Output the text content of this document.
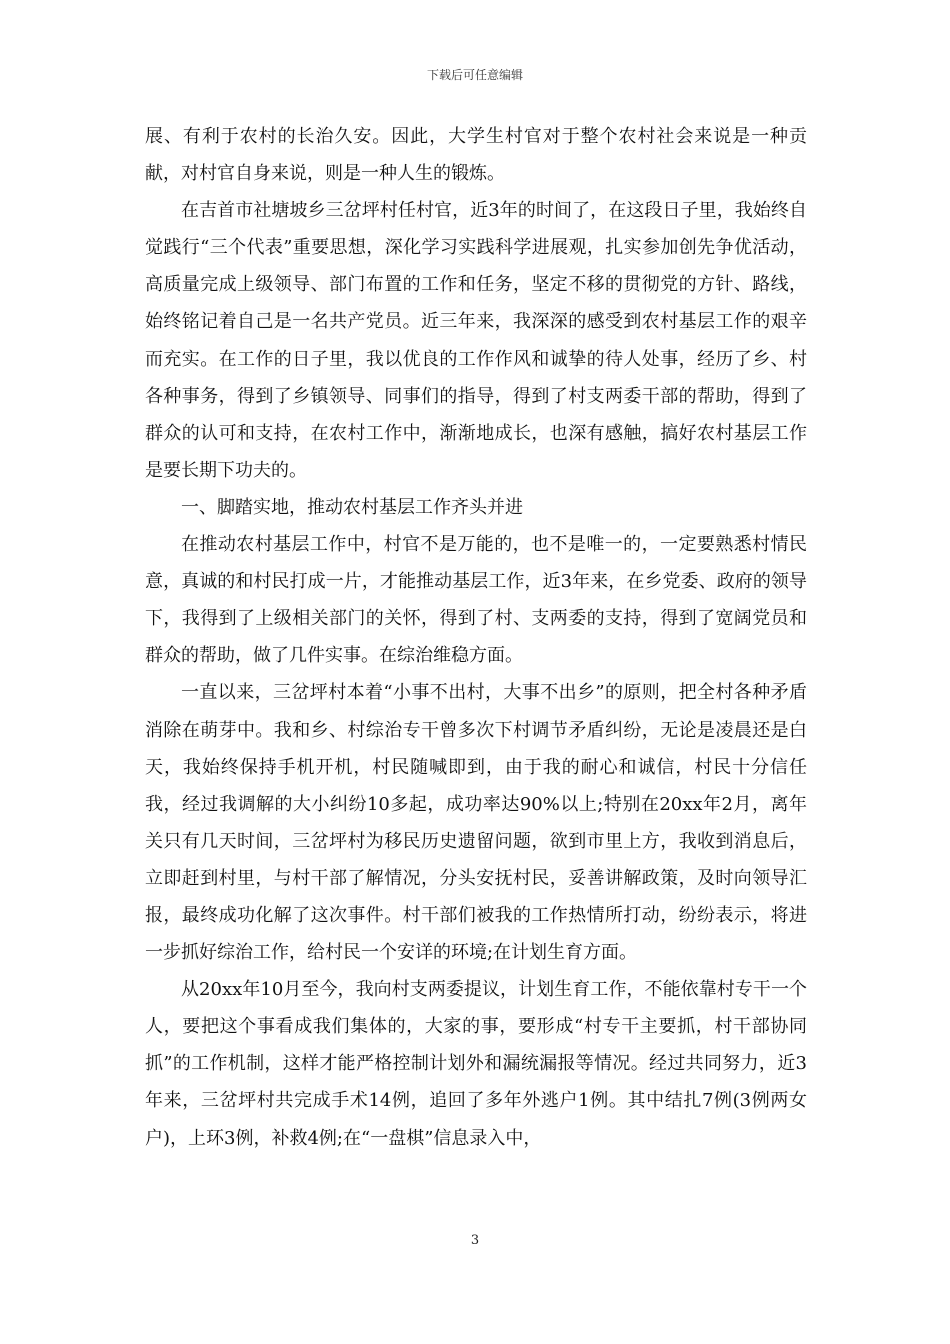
下载后可任意编辑

展、有利于农村的长治久安。因此，大学生村官对于整个农村社会来说是一种贡献，对村官自身来说，则是一种人生的锻炼。

在吉首市社塘坡乡三岔坪村任村官，近3年的时间了，在这段日子里，我始终自觉践行“三个代表”重要思想，深化学习实践科学进展观，扎实参加创先争优活动，高质量完成上级领导、部门布置的工作和任务，坚定不移的贯彻党的方针、路线，始终铭记着自己是一名共产党员。近三年来，我深深的感受到农村基层工作的艰辛而充实。在工作的日子里，我以优良的工作作风和诚挚的待人处事，经历了乡、村各种事务，得到了乡镇领导、同事们的指导，得到了村支两委干部的帮助，得到了群众的认可和支持，在农村工作中，渐渐地成长，也深有感触，搞好农村基层工作是要长期下功夫的。

一、脚踏实地，推动农村基层工作齐头并进

在推动农村基层工作中，村官不是万能的，也不是唯一的，一定要熟悉村情民意，真诚的和村民打成一片，才能推动基层工作，近3年来，在乡党委、政府的领导下，我得到了上级相关部门的关怀，得到了村、支两委的支持，得到了宽阔党员和群众的帮助，做了几件实事。在综治维稳方面。

一直以来，三岔坪村本着“小事不出村，大事不出乡”的原则，把全村各种矛盾消除在萌芽中。我和乡、村综治专干曾多次下村调节矛盾纠纷，无论是凌晨还是白天，我始终保持手机开机，村民随喊即到，由于我的耐心和诚信，村民十分信任我，经过我调解的大小纠纷10多起，成功率达90%以上;特别在20xx年2月，离年关只有几天时间，三岔坪村为移民历史遗留问题，欲到市里上方，我收到消息后，立即赶到村里，与村干部了解情况，分头安抚村民，妥善讲解政策，及时向领导汇报，最终成功化解了这次事件。村干部们被我的工作热情所打动，纷纷表示，将进一步抓好综治工作，给村民一个安详的环境;在计划生育方面。

从20xx年10月至今，我向村支两委提议，计划生育工作，不能依靠村专干一个人，要把这个事看成我们集体的，大家的事，要形成“村专干主要抓，村干部协同抓”的工作机制，这样才能严格控制计划外和漏统漏报等情况。经过共同努力，近3年来，三岔坪村共完成手术14例，追回了多年外逃户1例。其中结扎7例(3例两女户)，上环3例，补救4例;在“一盘棋”信息录入中，

3
